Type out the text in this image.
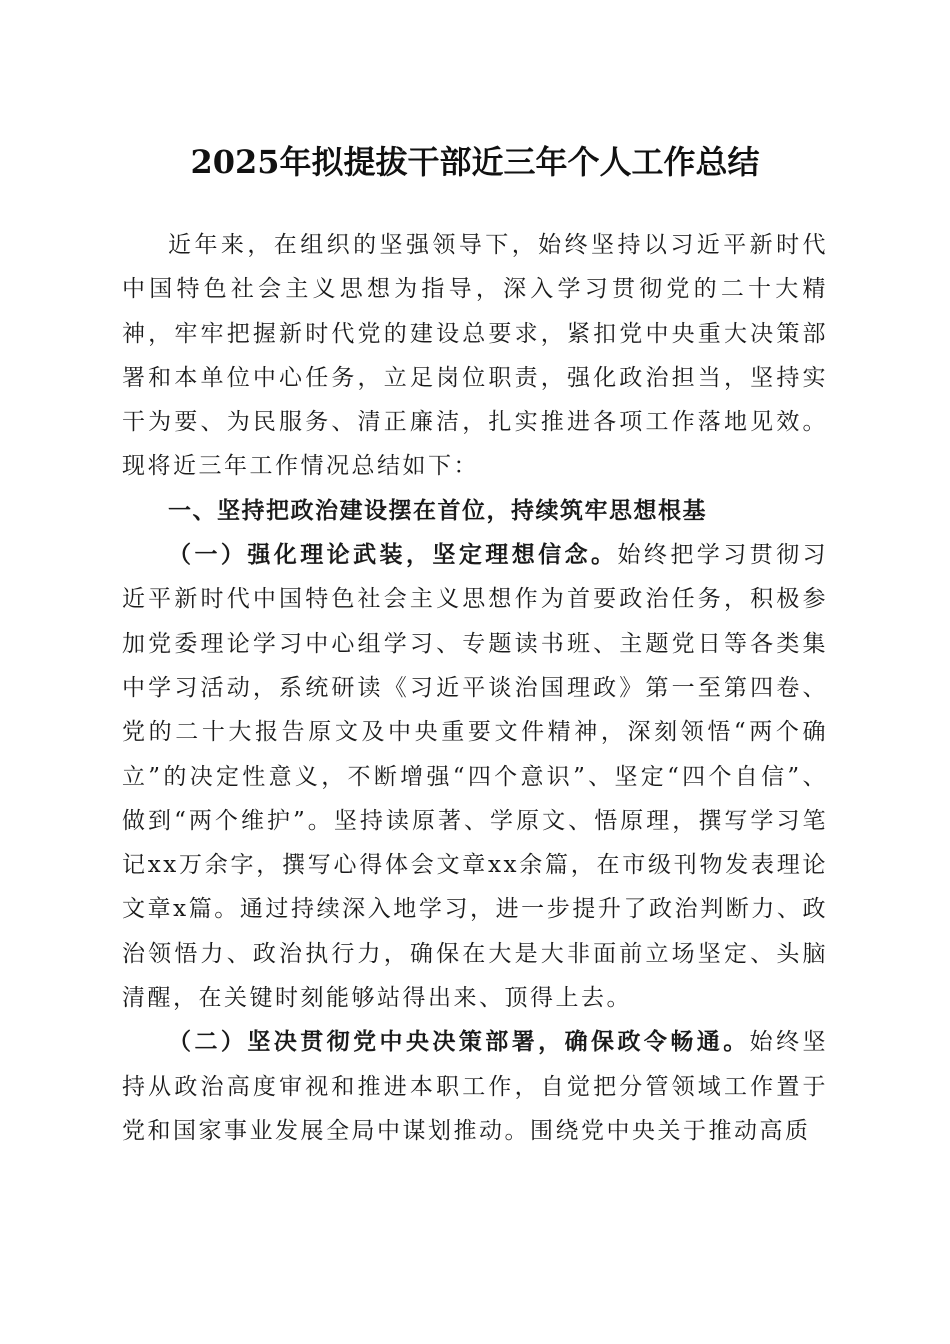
2025年拟提拔干部近三年个人工作总结

近年来，在组织的坚强领导下，始终坚持以习近平新时代中国特色社会主义思想为指导，深入学习贯彻党的二十大精神，牢牢把握新时代党的建设总要求，紧扣党中央重大决策部署和本单位中心任务，立足岗位职责，强化政治担当，坚持实干为要、为民服务、清正廉洁，扎实推进各项工作落地见效。现将近三年工作情况总结如下：

一、坚持把政治建设摆在首位，持续筑牢思想根基

（一）强化理论武装，坚定理想信念。始终把学习贯彻习近平新时代中国特色社会主义思想作为首要政治任务，积极参加党委理论学习中心组学习、专题读书班、主题党日等各类集中学习活动，系统研读《习近平谈治国理政》第一至第四卷、党的二十大报告原文及中央重要文件精神，深刻领悟“两个确立”的决定性意义，不断增强“四个意识”、坚定“四个自信”、做到“两个维护”。坚持读原著、学原文、悟原理，撰写学习笔记xx万余字，撰写心得体会文章xx余篇，在市级刊物发表理论文章x篇。通过持续深入地学习，进一步提升了政治判断力、政治领悟力、政治执行力，确保在大是大非面前立场坚定、头脑清醒，在关键时刻能够站得出来、顶得上去。

（二）坚决贯彻党中央决策部署，确保政令畅通。始终坚持从政治高度审视和推进本职工作，自觉把分管领域工作置于党和国家事业发展全局中谋划推动。围绕党中央关于推动高质
